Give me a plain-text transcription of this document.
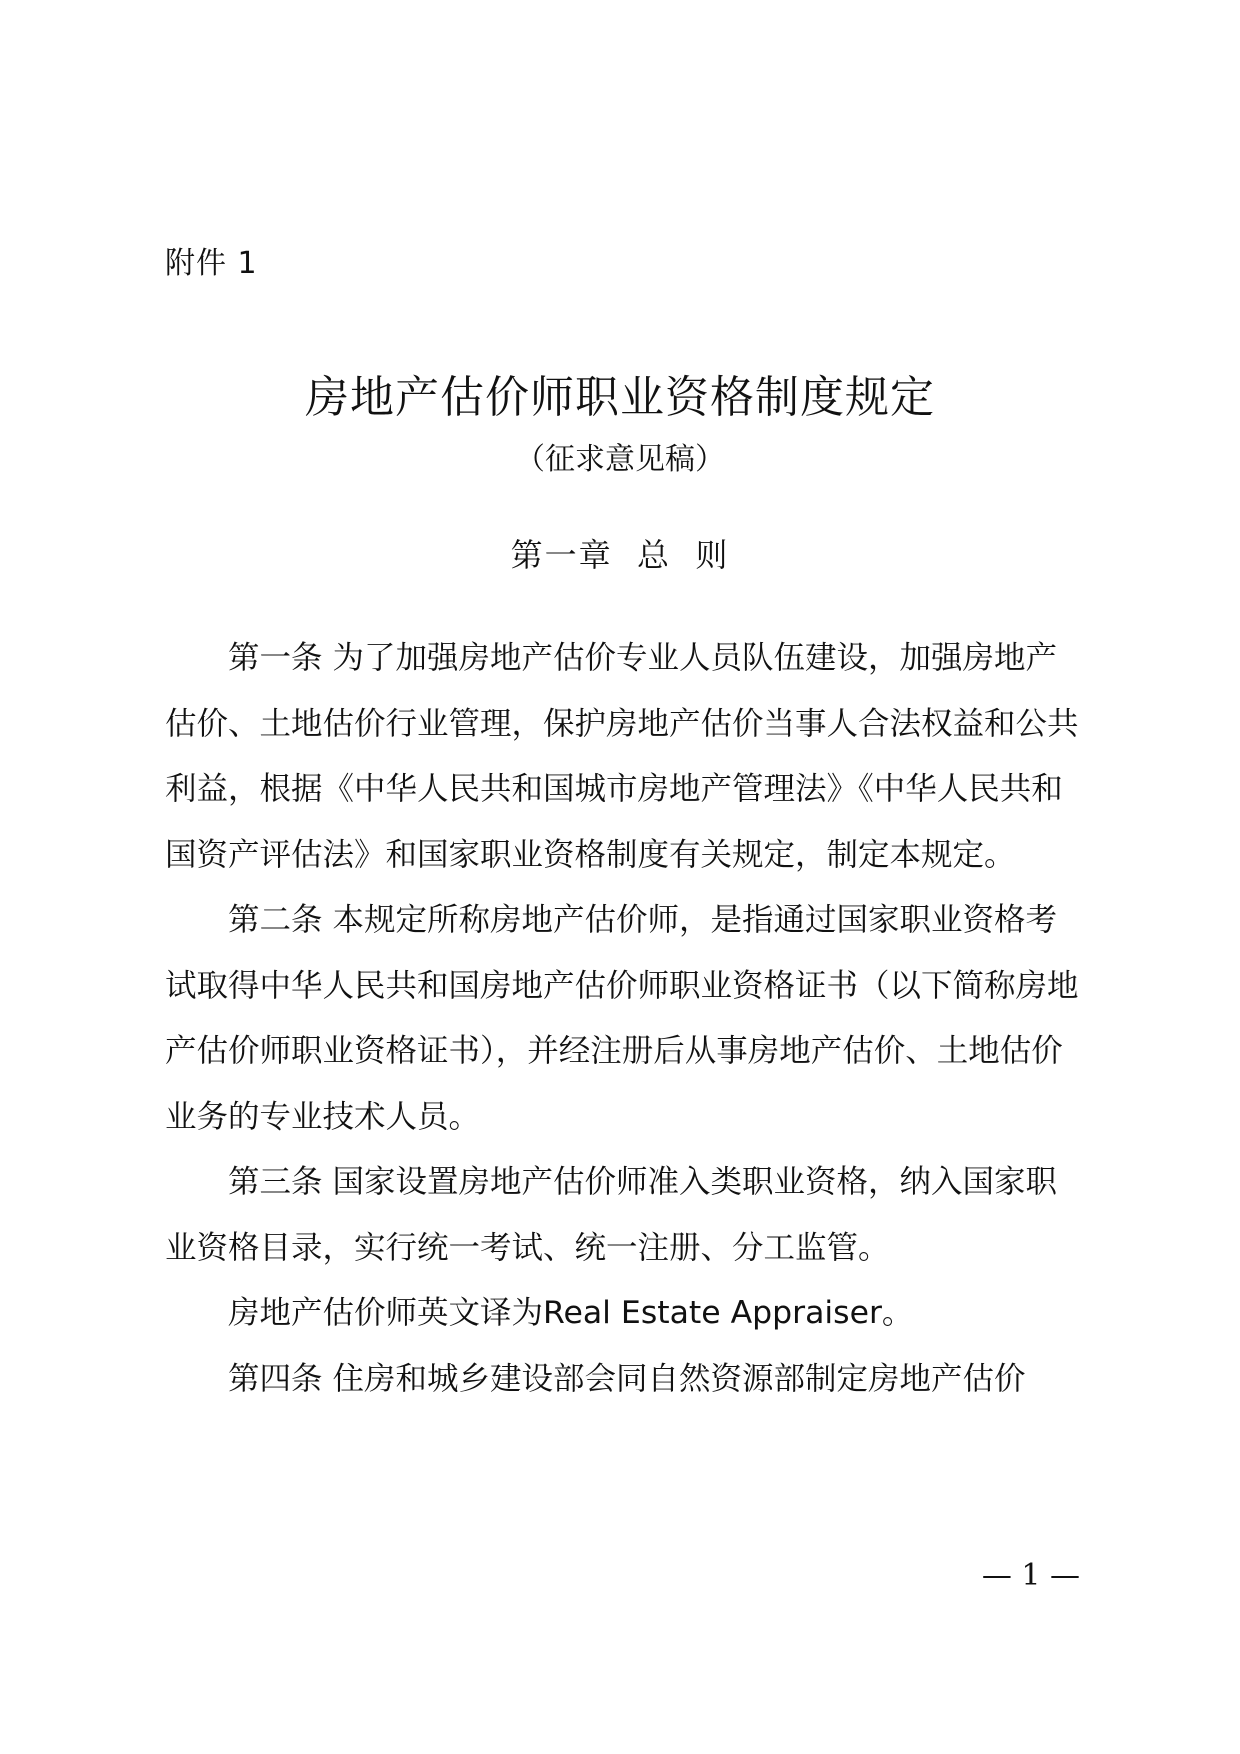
附件 1
房地产估价师职业资格制度规定
（征求意见稿）
第一章  总  则

第一条 为了加强房地产估价专业人员队伍建设，加强房地产估价、土地估价行业管理，保护房地产估价当事人合法权益和公共利益，根据《中华人民共和国城市房地产管理法》《中华人民共和国资产评估法》和国家职业资格制度有关规定，制定本规定。

第二条 本规定所称房地产估价师，是指通过国家职业资格考试取得中华人民共和国房地产估价师职业资格证书（以下简称房地产估价师职业资格证书），并经注册后从事房地产估价、土地估价业务的专业技术人员。

第三条 国家设置房地产估价师准入类职业资格，纳入国家职业资格目录，实行统一考试、统一注册、分工监管。

房地产估价师英文译为Real Estate Appraiser。

第四条 住房和城乡建设部会同自然资源部制定房地产估价

— 1 —
